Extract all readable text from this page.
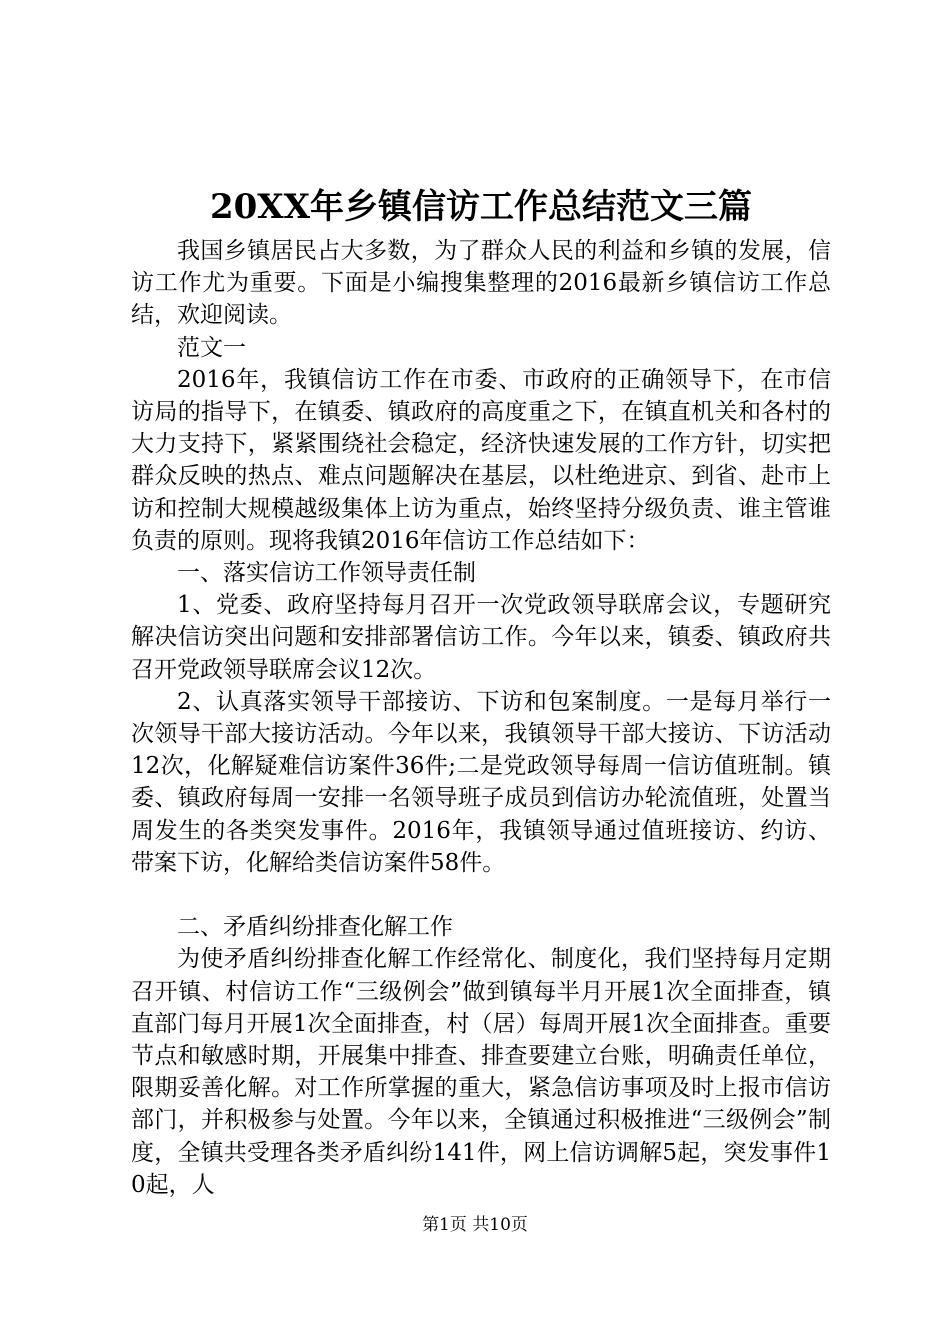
20XX年乡镇信访工作总结范文三篇

我国乡镇居民占大多数，为了群众人民的利益和乡镇的发展，信访工作尤为重要。下面是小编搜集整理的2016最新乡镇信访工作总结，欢迎阅读。

范文一

2016年，我镇信访工作在市委、市政府的正确领导下，在市信访局的指导下，在镇委、镇政府的高度重之下，在镇直机关和各村的大力支持下，紧紧围绕社会稳定，经济快速发展的工作方针，切实把群众反映的热点、难点问题解决在基层，以杜绝进京、到省、赴市上访和控制大规模越级集体上访为重点，始终坚持分级负责、谁主管谁负责的原则。现将我镇2016年信访工作总结如下：

一、落实信访工作领导责任制

1、党委、政府坚持每月召开一次党政领导联席会议，专题研究解决信访突出问题和安排部署信访工作。今年以来，镇委、镇政府共召开党政领导联席会议12次。

2、认真落实领导干部接访、下访和包案制度。一是每月举行一次领导干部大接访活动。今年以来，我镇领导干部大接访、下访活动12次，化解疑难信访案件36件;二是党政领导每周一信访值班制。镇委、镇政府每周一安排一名领导班子成员到信访办轮流值班，处置当周发生的各类突发事件。2016年，我镇领导通过值班接访、约访、带案下访，化解给类信访案件58件。

二、矛盾纠纷排查化解工作

为使矛盾纠纷排查化解工作经常化、制度化，我们坚持每月定期召开镇、村信访工作“三级例会”做到镇每半月开展1次全面排查，镇直部门每月开展1次全面排查，村（居）每周开展1次全面排查。重要节点和敏感时期，开展集中排查、排查要建立台账，明确责任单位，限期妥善化解。对工作所掌握的重大，紧急信访事项及时上报市信访部门，并积极参与处置。今年以来，全镇通过积极推进“三级例会”制度，全镇共受理各类矛盾纠纷141件，网上信访调解5起，突发事件10起，人

第1页 共10页
